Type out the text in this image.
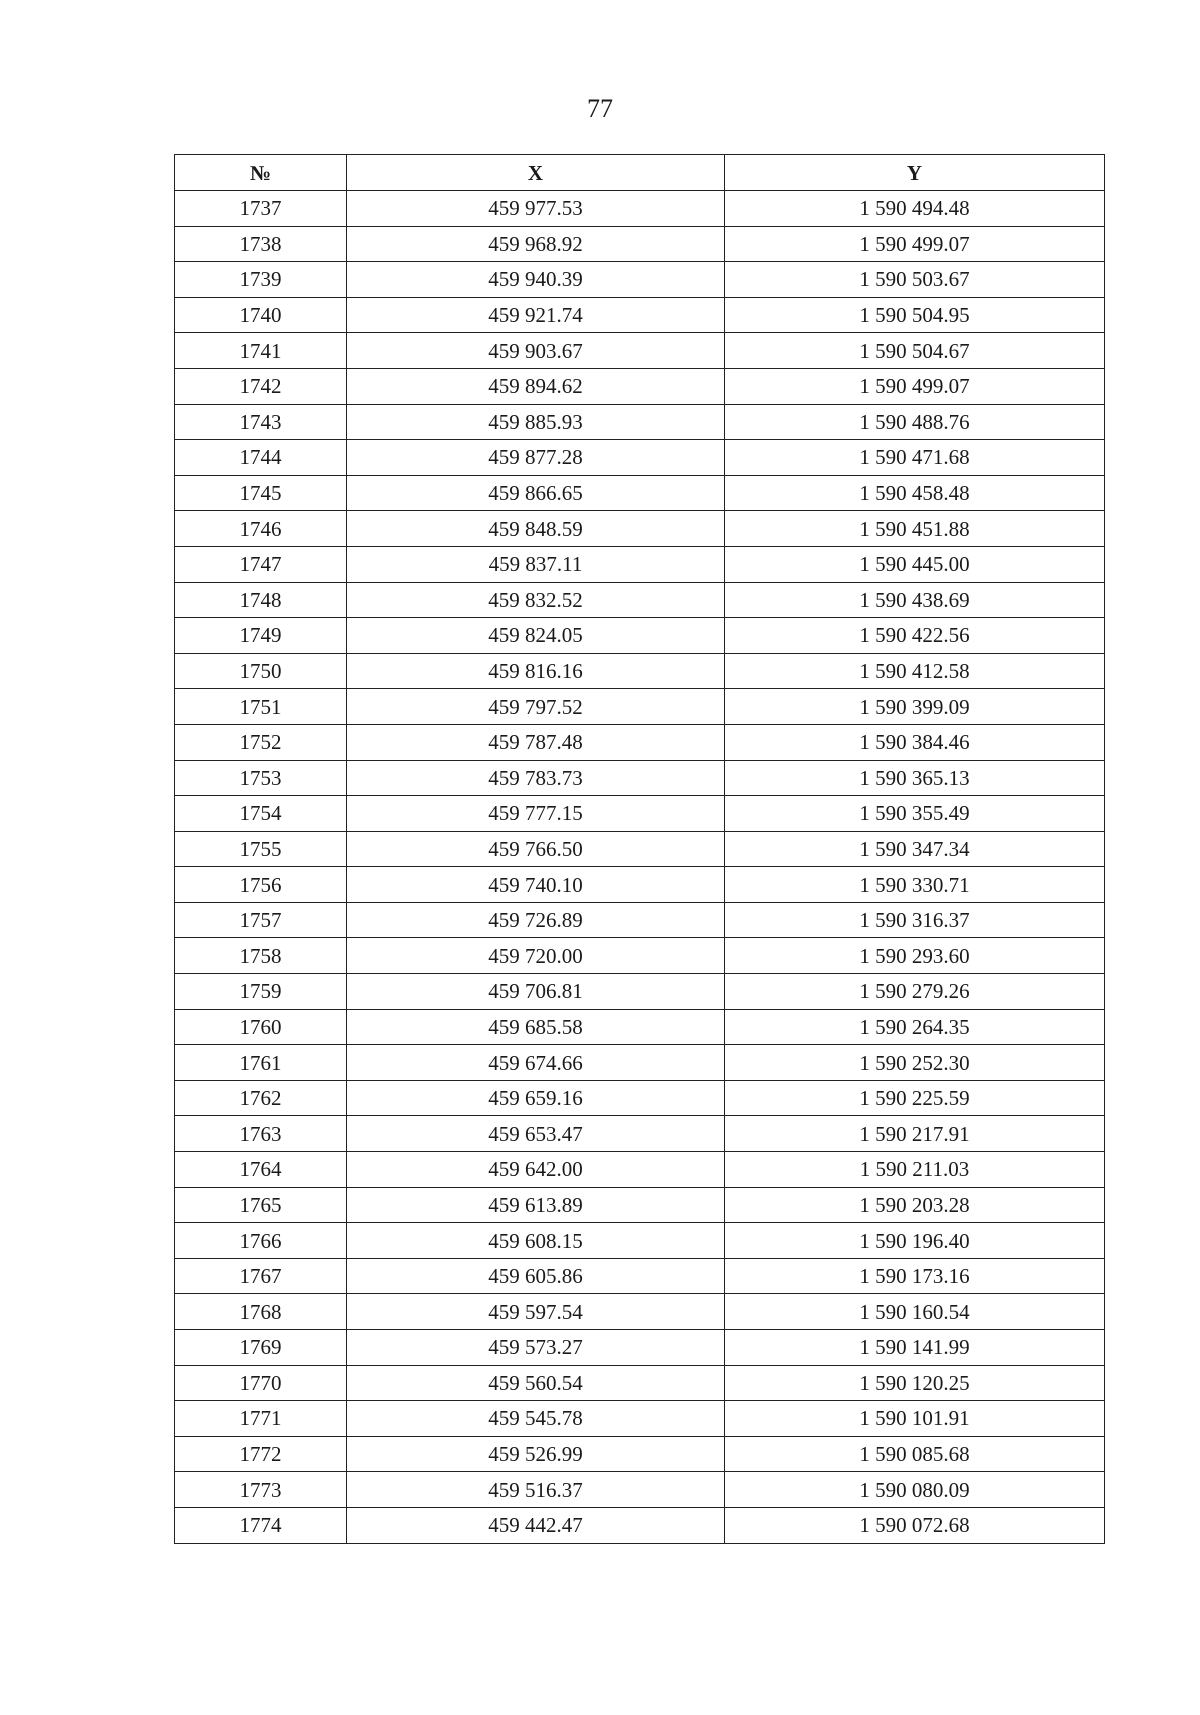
77
№	X	Y
1737	459 977.53	1 590 494.48
1738	459 968.92	1 590 499.07
1739	459 940.39	1 590 503.67
1740	459 921.74	1 590 504.95
1741	459 903.67	1 590 504.67
1742	459 894.62	1 590 499.07
1743	459 885.93	1 590 488.76
1744	459 877.28	1 590 471.68
1745	459 866.65	1 590 458.48
1746	459 848.59	1 590 451.88
1747	459 837.11	1 590 445.00
1748	459 832.52	1 590 438.69
1749	459 824.05	1 590 422.56
1750	459 816.16	1 590 412.58
1751	459 797.52	1 590 399.09
1752	459 787.48	1 590 384.46
1753	459 783.73	1 590 365.13
1754	459 777.15	1 590 355.49
1755	459 766.50	1 590 347.34
1756	459 740.10	1 590 330.71
1757	459 726.89	1 590 316.37
1758	459 720.00	1 590 293.60
1759	459 706.81	1 590 279.26
1760	459 685.58	1 590 264.35
1761	459 674.66	1 590 252.30
1762	459 659.16	1 590 225.59
1763	459 653.47	1 590 217.91
1764	459 642.00	1 590 211.03
1765	459 613.89	1 590 203.28
1766	459 608.15	1 590 196.40
1767	459 605.86	1 590 173.16
1768	459 597.54	1 590 160.54
1769	459 573.27	1 590 141.99
1770	459 560.54	1 590 120.25
1771	459 545.78	1 590 101.91
1772	459 526.99	1 590 085.68
1773	459 516.37	1 590 080.09
1774	459 442.47	1 590 072.68
